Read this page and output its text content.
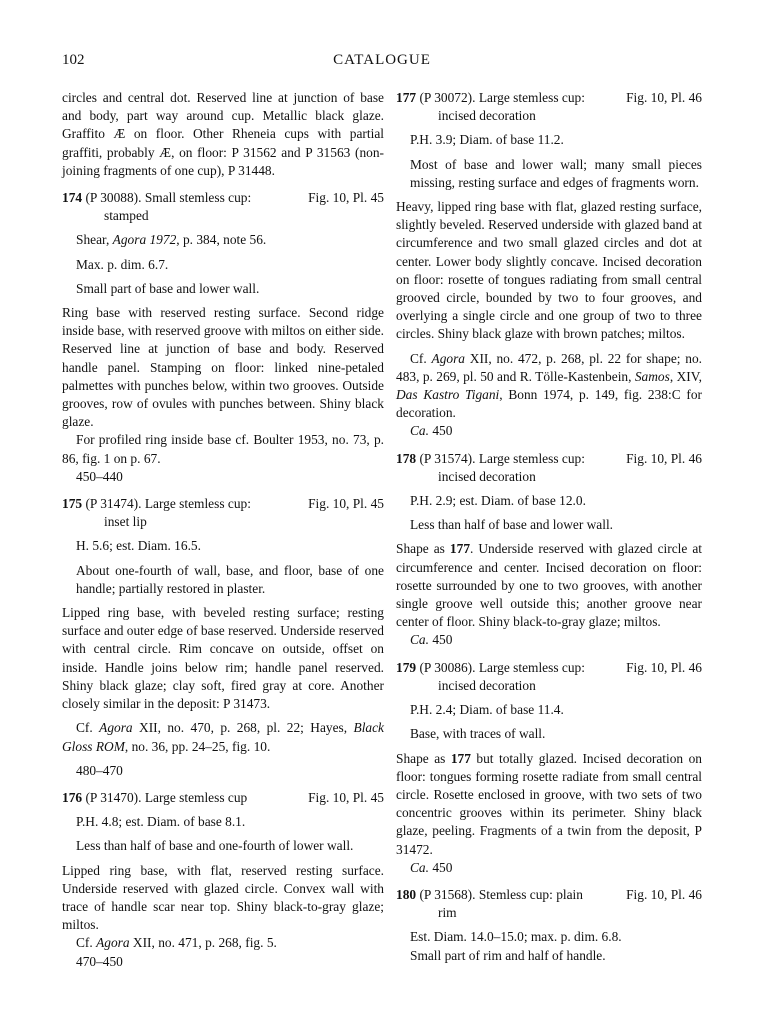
102	CATALOGUE

circles and central dot. Reserved line at junction of base and body, part way around cup. Metallic black glaze. Graffito Æ on floor. Other Rheneia cups with partial graffiti, probably Æ, on floor: P 31562 and P 31563 (non-joining fragments of one cup), P 31448.

174 (P 30088). Small stemless cup:	Fig. 10, Pl. 45

stamped

Shear, Agora 1972, p. 384, note 56.

Max. p. dim. 6.7.

Small part of base and lower wall.

Ring base with reserved resting surface. Second ridge inside base, with reserved groove with miltos on either side. Reserved line at junction of base and body. Reserved handle panel. Stamping on floor: linked nine-petaled palmettes with punches below, within two grooves. Outside grooves, row of ovules with punches between. Shiny black glaze.

For profiled ring inside base cf. Boulter 1953, no. 73, p. 86, fig. 1 on p. 67.

450–440

175 (P 31474). Large stemless cup:	Fig. 10, Pl. 45

inset lip

H. 5.6; est. Diam. 16.5.

About one-fourth of wall, base, and floor, base of one handle; partially restored in plaster.

Lipped ring base, with beveled resting surface; resting surface and outer edge of base reserved. Underside reserved with central circle. Rim concave on outside, offset on inside. Handle joins below rim; handle panel reserved. Shiny black glaze; clay soft, fired gray at core. Another closely similar in the deposit: P 31473.

Cf. Agora XII, no. 470, p. 268, pl. 22; Hayes, Black Gloss ROM, no. 36, pp. 24–25, fig. 10.

480–470

176 (P 31470). Large stemless cup	Fig. 10, Pl. 45

P.H. 4.8; est. Diam. of base 8.1.

Less than half of base and one-fourth of lower wall.

Lipped ring base, with flat, reserved resting surface. Underside reserved with glazed circle. Convex wall with trace of handle scar near top. Shiny black-to-gray glaze; miltos.

Cf. Agora XII, no. 471, p. 268, fig. 5.

470–450

177 (P 30072). Large stemless cup:	Fig. 10, Pl. 46

incised decoration

P.H. 3.9; Diam. of base 11.2.

Most of base and lower wall; many small pieces missing, resting surface and edges of fragments worn.

Heavy, lipped ring base with flat, glazed resting surface, slightly beveled. Reserved underside with glazed band at circumference and two small glazed circles and dot at center. Lower body slightly concave. Incised decoration on floor: rosette of tongues radiating from small central grooved circle, bounded by two to four grooves, and overlying a single circle and one group of two to three circles. Shiny black glaze with brown patches; miltos.

Cf. Agora XII, no. 472, p. 268, pl. 22 for shape; no. 483, p. 269, pl. 50 and R. Tölle-Kastenbein, Samos, XIV, Das Kastro Tigani, Bonn 1974, p. 149, fig. 238:C for decoration.

Ca. 450

178 (P 31574). Large stemless cup:	Fig. 10, Pl. 46

incised decoration

P.H. 2.9; est. Diam. of base 12.0.

Less than half of base and lower wall.

Shape as 177. Underside reserved with glazed circle at circumference and center. Incised decoration on floor: rosette surrounded by one to two grooves, with another single groove well outside this; another groove near center of floor. Shiny black-to-gray glaze; miltos.

Ca. 450

179 (P 30086). Large stemless cup:	Fig. 10, Pl. 46

incised decoration

P.H. 2.4; Diam. of base 11.4.

Base, with traces of wall.

Shape as 177 but totally glazed. Incised decoration on floor: tongues forming rosette radiate from small central circle. Rosette enclosed in groove, with two sets of two concentric grooves within its perimeter. Shiny black glaze, peeling. Fragments of a twin from the deposit, P 31472.

Ca. 450

180 (P 31568). Stemless cup: plain	Fig. 10, Pl. 46

rim

Est. Diam. 14.0–15.0; max. p. dim. 6.8.

Small part of rim and half of handle.
